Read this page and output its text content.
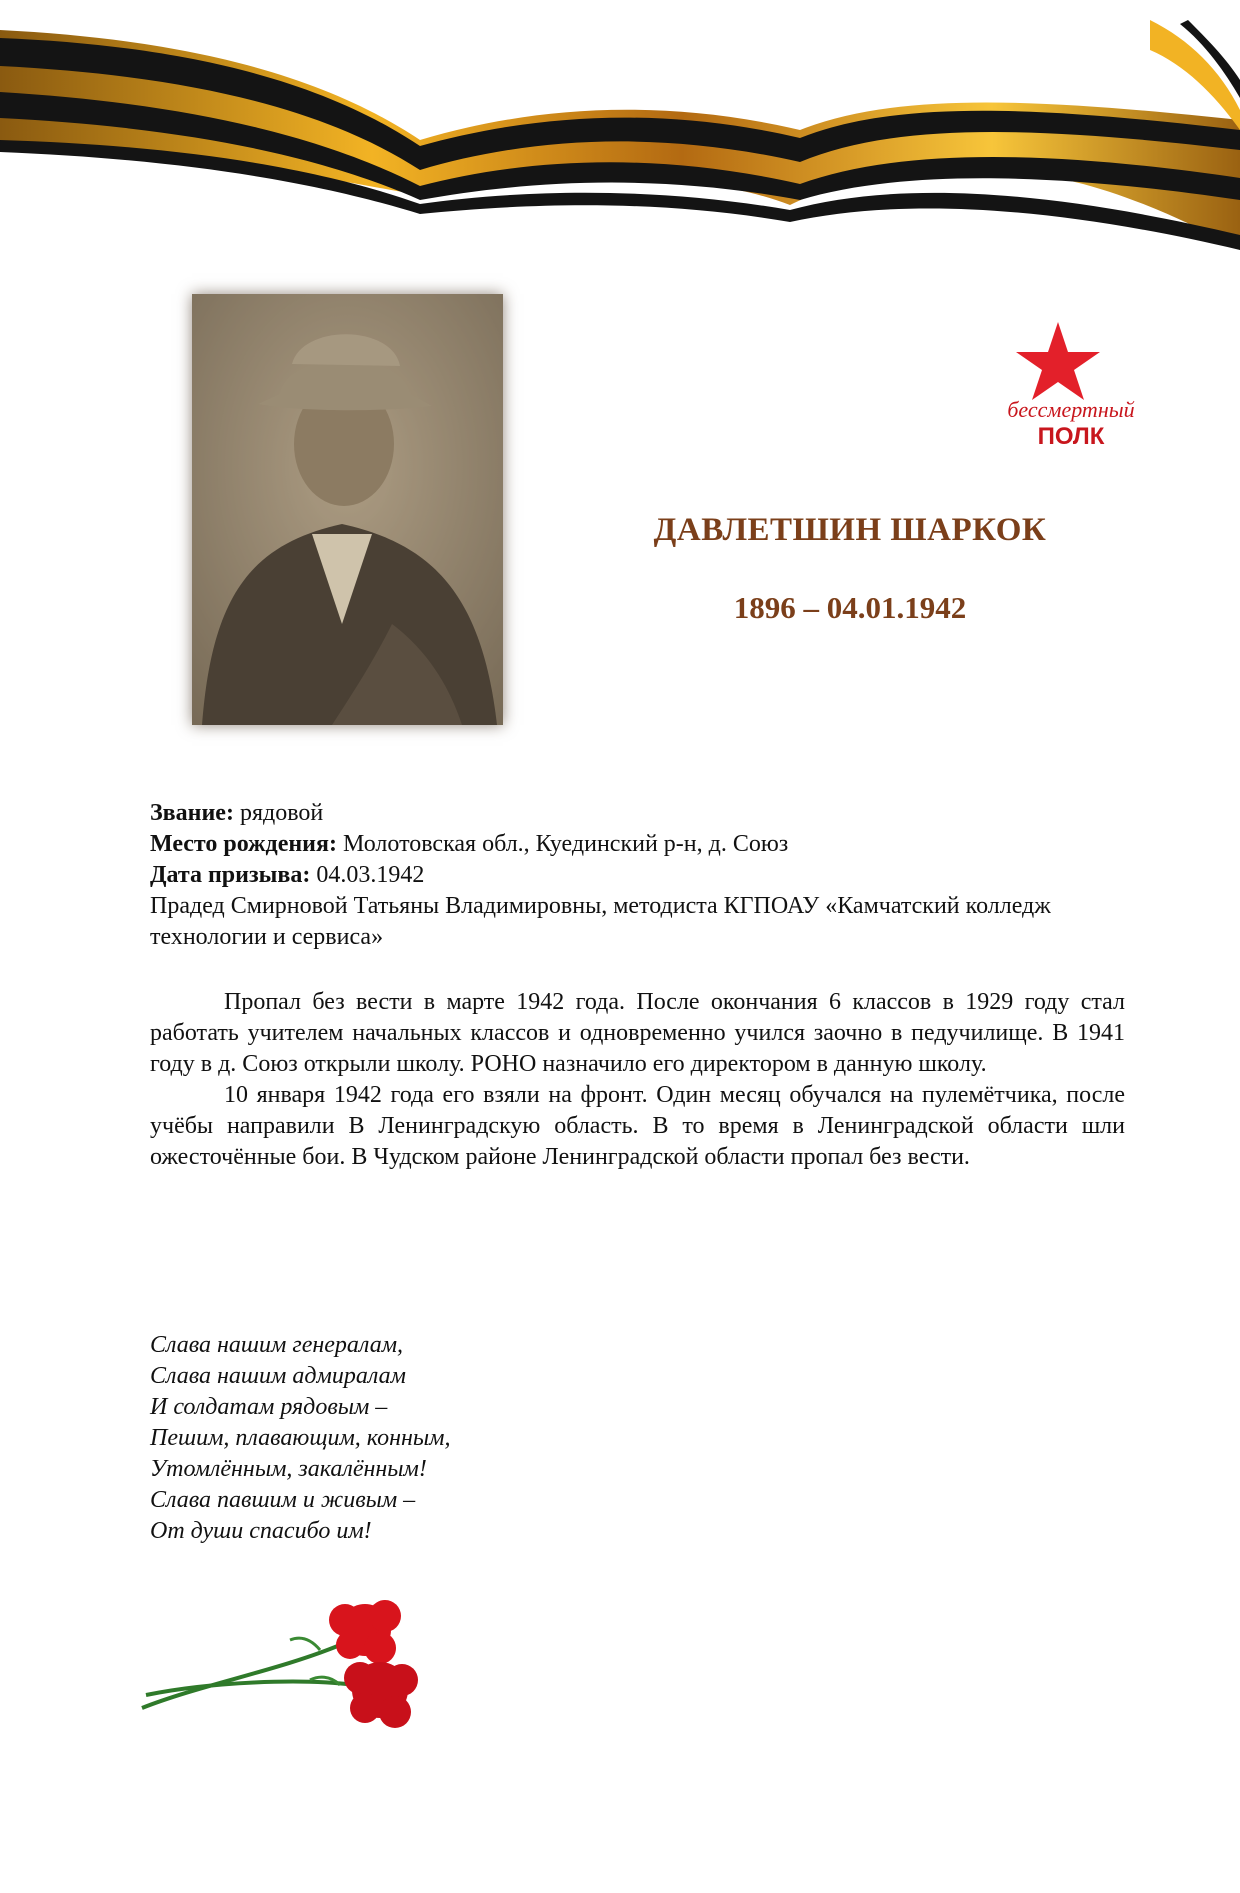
бессмертный
ПОЛК
ДАВЛЕТШИН ШАРКОК
1896 – 04.01.1942
Звание: рядовой
Место рождения: Молотовская обл., Куединский р-н, д. Союз
Дата призыва: 04.03.1942
Прадед Смирновой Татьяны Владимировны, методиста КГПОАУ «Камчатский колледж технологии и сервиса»

Пропал без вести в марте 1942 года. После окончания 6 классов в 1929 году стал работать учителем начальных классов и одновременно учился заочно в педучилище. В 1941 году в д. Союз открыли школу. РОНО назначило его директором в данную школу.

10 января 1942 года его взяли на фронт. Один месяц обучался на пулемётчика, после учёбы направили В Ленинградскую область. В то время в Ленинградской области шли ожесточённые бои. В Чудском районе Ленинградской области пропал без вести.

Слава нашим генералам,
Слава нашим адмиралам
И солдатам рядовым –
Пешим, плавающим, конным,
Утомлённым, закалённым!
Слава павшим и живым –
От души спасибо им!
